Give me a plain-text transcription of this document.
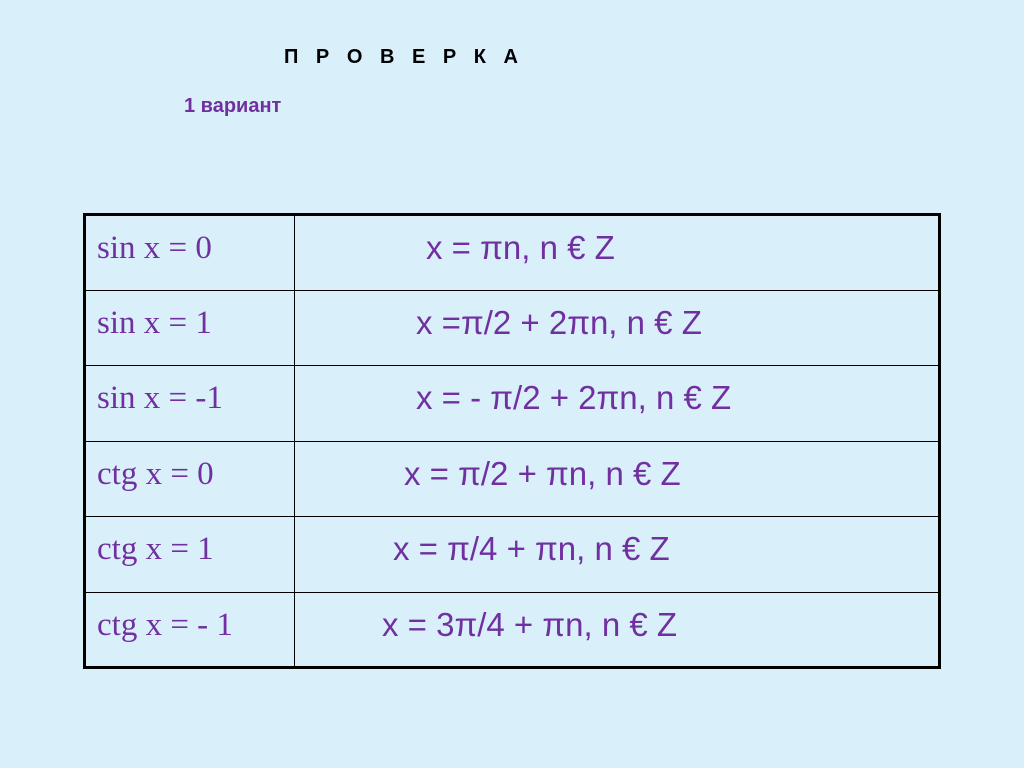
П Р О В Е Р К А
1 вариант
sin x = 0	x = πn, n € Z
sin x = 1	x =π/2 + 2πn, n € Z
sin x = -1	x = - π/2 + 2πn, n € Z
ctg x = 0	x = π/2 + πn, n € Z
ctg x = 1	x = π/4 + πn, n € Z
ctg x = - 1	x = 3π/4 + πn, n € Z
